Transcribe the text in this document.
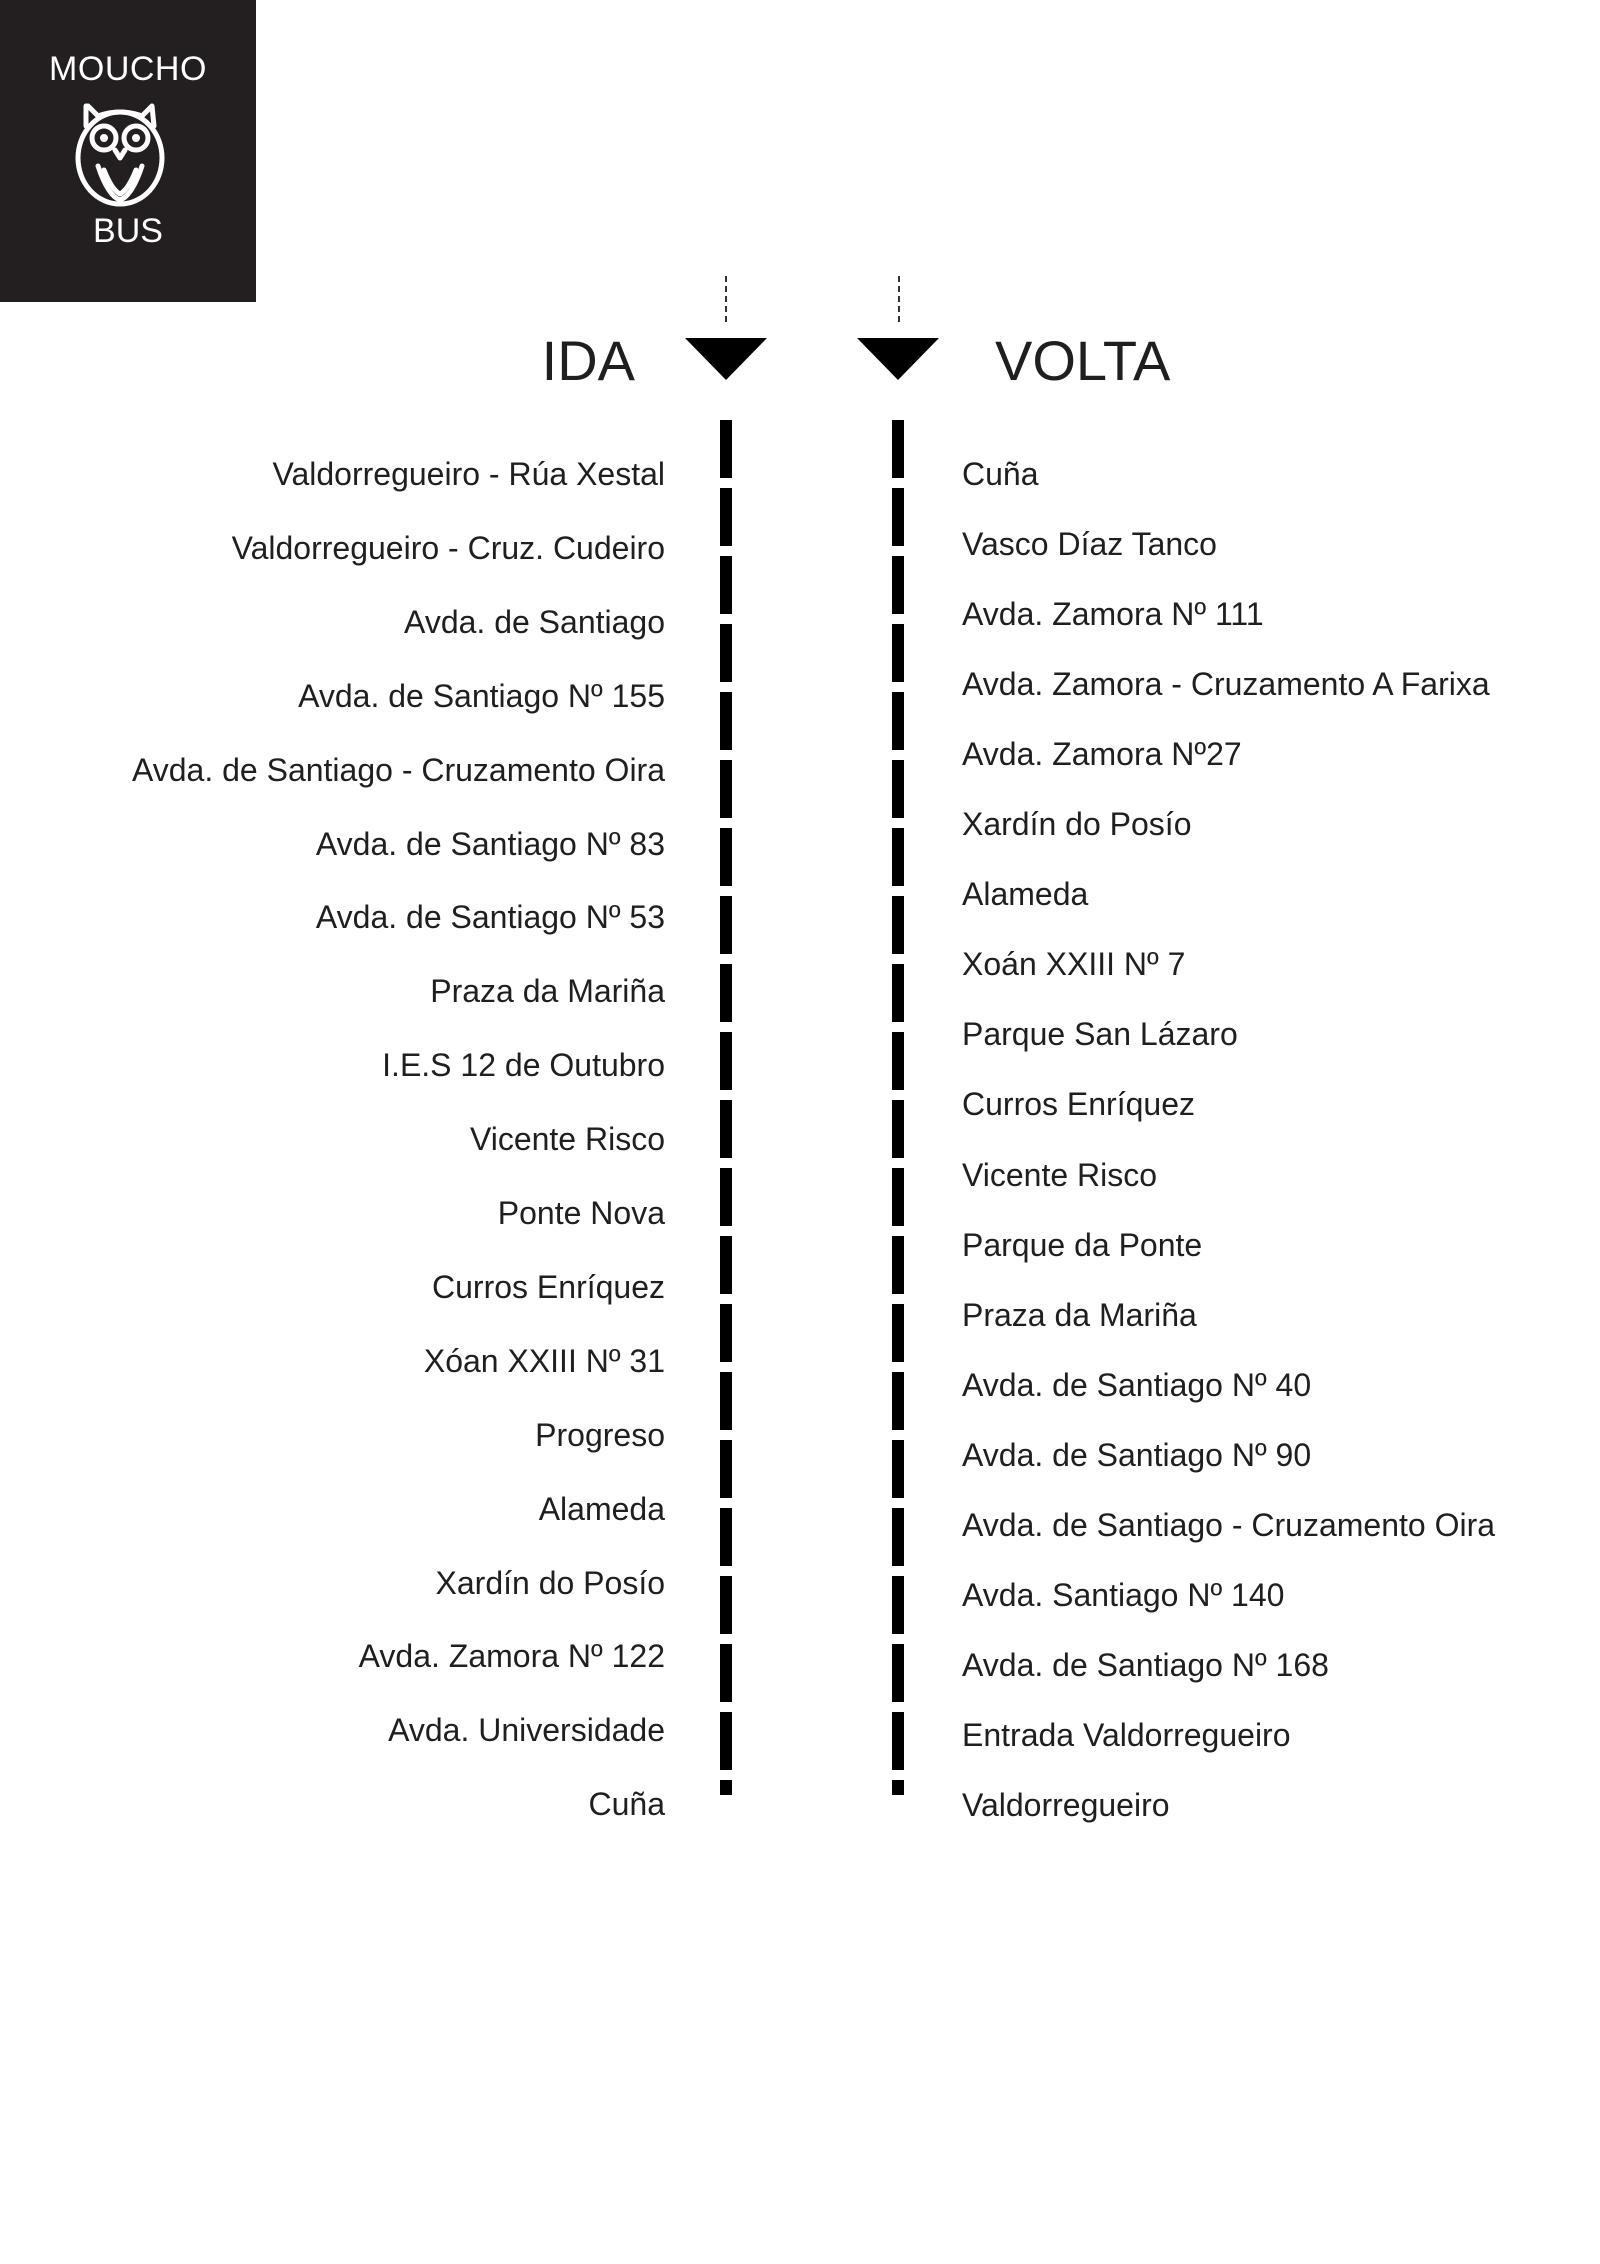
MOUCHO
BUS
IDA	VOLTA
Valdorregueiro - Rúa Xestal
Valdorregueiro - Cruz. Cudeiro
Avda. de Santiago
Avda. de Santiago Nº 155
Avda. de Santiago - Cruzamento Oira
Avda. de Santiago Nº 83
Avda. de Santiago Nº 53
Praza da Mariña
I.E.S 12 de Outubro
Vicente Risco
Ponte Nova
Curros Enríquez
Xóan XXIII Nº 31
Progreso
Alameda
Xardín do Posío
Avda. Zamora Nº 122
Avda. Universidade
Cuña
Cuña
Vasco Díaz Tanco
Avda. Zamora Nº 111
Avda. Zamora - Cruzamento A Farixa
Avda. Zamora Nº27
Xardín do Posío
Alameda
Xoán XXIII Nº 7
Parque San Lázaro
Curros Enríquez
Vicente Risco
Parque da Ponte
Praza da Mariña
Avda. de Santiago Nº 40
Avda. de Santiago Nº 90
Avda. de Santiago - Cruzamento Oira
Avda. Santiago Nº 140
Avda. de Santiago Nº 168
Entrada Valdorregueiro
Valdorregueiro
